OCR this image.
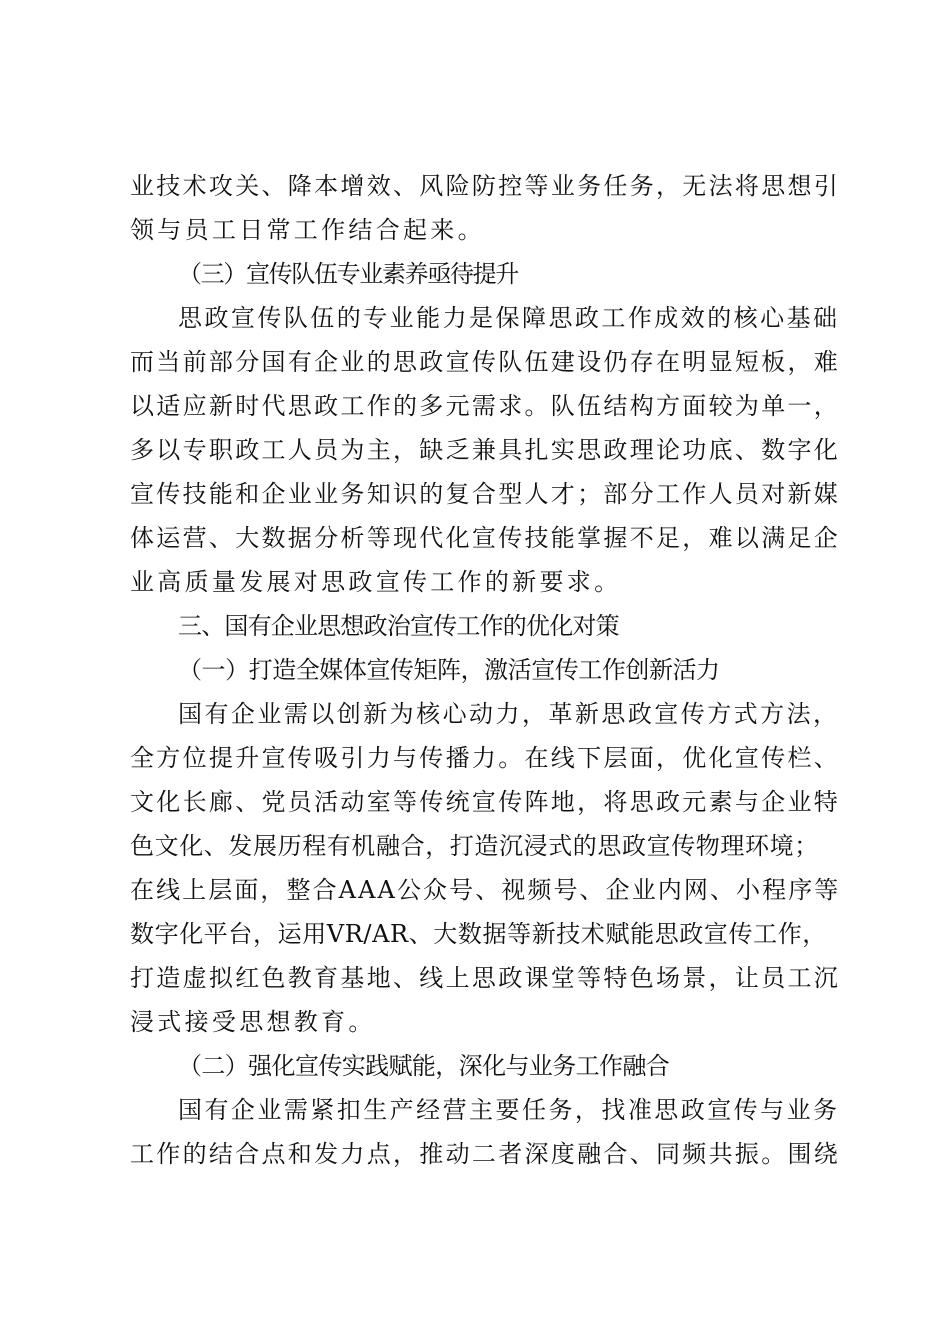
业技术攻关、降本增效、风险防控等业务任务，无法将思想引
领与员工日常工作结合起来。
（三）宣传队伍专业素养亟待提升
思政宣传队伍的专业能力是保障思政工作成效的核心基础
而当前部分国有企业的思政宣传队伍建设仍存在明显短板，难
以适应新时代思政工作的多元需求。队伍结构方面较为单一，
多以专职政工人员为主，缺乏兼具扎实思政理论功底、数字化
宣传技能和企业业务知识的复合型人才；部分工作人员对新媒
体运营、大数据分析等现代化宣传技能掌握不足，难以满足企
业高质量发展对思政宣传工作的新要求。
三、国有企业思想政治宣传工作的优化对策
（一）打造全媒体宣传矩阵，激活宣传工作创新活力
国有企业需以创新为核心动力，革新思政宣传方式方法，
全方位提升宣传吸引力与传播力。在线下层面，优化宣传栏、
文化长廊、党员活动室等传统宣传阵地，将思政元素与企业特
色文化、发展历程有机融合，打造沉浸式的思政宣传物理环境；
在线上层面，整合AAA公众号、视频号、企业内网、小程序等
数字化平台，运用VR/AR、大数据等新技术赋能思政宣传工作，
打造虚拟红色教育基地、线上思政课堂等特色场景，让员工沉
浸式接受思想教育。
（二）强化宣传实践赋能，深化与业务工作融合
国有企业需紧扣生产经营主要任务，找准思政宣传与业务
工作的结合点和发力点，推动二者深度融合、同频共振。围绕
